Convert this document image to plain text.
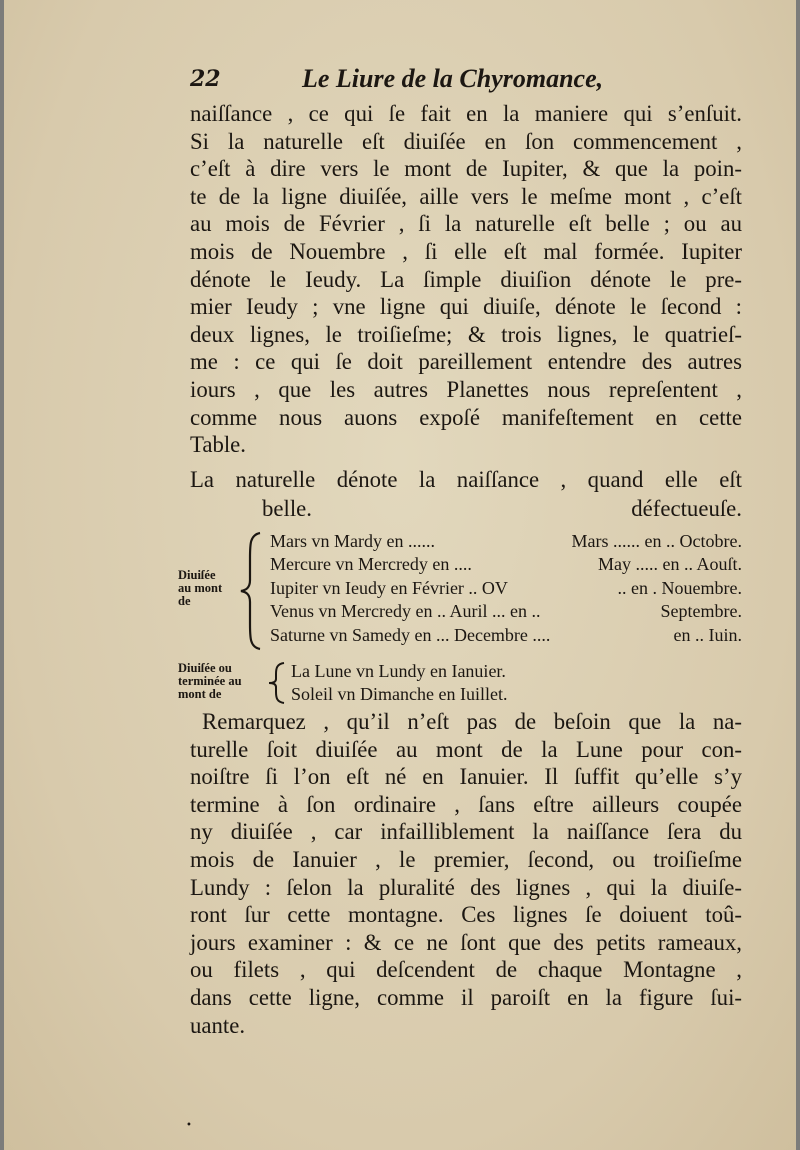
22	Le Liure de la Chyromance,
naiſſance , ce qui ſe fait en la maniere qui s’enſuit.
Si la naturelle eſt diuiſée en ſon commencement ,
c’eſt à dire vers le mont de Iupiter, & que la poin-
te de la ligne diuiſée, aille vers le meſme mont , c’eſt
au mois de Février , ſi la naturelle eſt belle ; ou au
mois de Nouembre , ſi elle eſt mal formée. Iupiter
dénote le Ieudy. La ſimple diuiſion dénote le pre-
mier Ieudy ; vne ligne qui diuiſe, dénote le ſecond :
deux lignes, le troiſieſme; & trois lignes, le quatrieſ-
me : ce qui ſe doit pareillement entendre des autres
iours , que les autres Planettes nous repreſentent ,
comme nous auons expoſé manifeſtement en cette
Table.
La naturelle dénote la naiſſance , quand elle eſt
belle.	défectueuſe.
Diuiſée
au mont
de
Mars vn Mardy en ......	Mars ...... en .. Octobre.
Mercure vn Mercredy en ....	May ..... en .. Aouſt.
Iupiter vn Ieudy en Février .. OV	.. en . Nouembre.
Venus vn Mercredy en .. Auril ... en ..	Septembre.
Saturne vn Samedy en ... Decembre ....	en .. Iuin.
Diuiſée ou
terminée au
mont de
La Lune vn Lundy en Ianuier.
Soleil vn Dimanche en Iuillet.
Remarquez , qu’il n’eſt pas de beſoin que la na-
turelle ſoit diuiſée au mont de la Lune pour con-
noiſtre ſi l’on eſt né en Ianuier. Il ſuffit qu’elle s’y
termine à ſon ordinaire , ſans eſtre ailleurs coupée
ny diuiſée , car infailliblement la naiſſance ſera du
mois de Ianuier , le premier, ſecond, ou troiſieſme
Lundy : ſelon la pluralité des lignes , qui la diuiſe-
ront ſur cette montagne. Ces lignes ſe doiuent toû-
jours examiner : & ce ne ſont que des petits rameaux,
ou filets , qui deſcendent de chaque Montagne ,
dans cette ligne, comme il paroiſt en la figure ſui-
uante.
•
